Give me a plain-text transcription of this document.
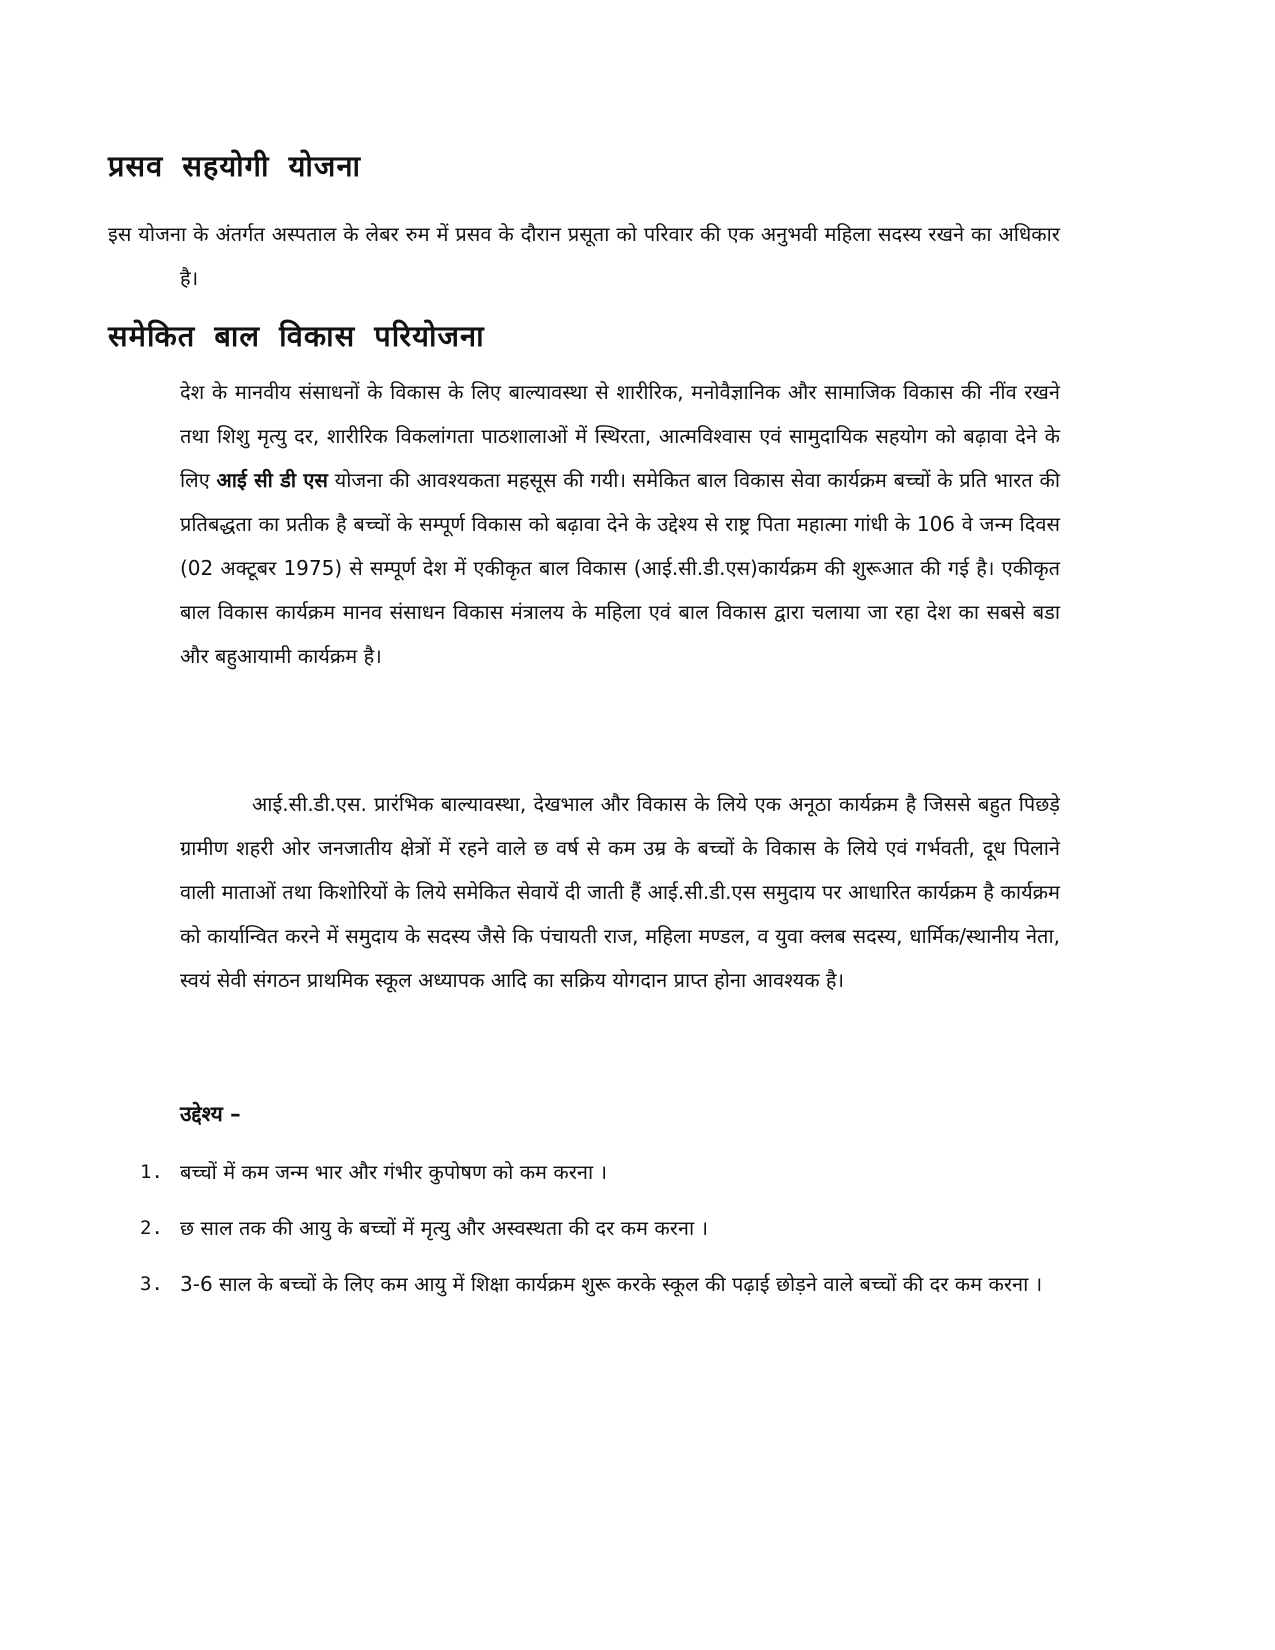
प्रसव सहयोगी योजना

इस योजना के अंतर्गत अस्पताल के लेबर रुम में प्रसव के दौरान प्रसूता को परिवार की एक अनुभवी महिला सदस्य रखने का अधिकार है।

समेकित बाल विकास परियोजना

देश के मानवीय संसाधनों के विकास के लिए बाल्यावस्था से शारीरिक, मनोवैज्ञानिक और सामाजिक विकास की नींव रखने तथा शिशु मृत्यु दर, शारीरिक विकलांगता पाठशालाओं में स्थिरता, आत्मविश्वास एवं सामुदायिक सहयोग को बढ़ावा देने के लिए आई सी डी एस योजना की आवश्यकता महसूस की गयी। समेकित बाल विकास सेवा कार्यक्रम बच्चों के प्रति भारत की प्रतिबद्धता का प्रतीक है बच्चों के सम्पूर्ण विकास को बढ़ावा देने के उद्देश्य से राष्ट्र पिता महात्मा गांधी के 106 वे जन्म दिवस (02 अक्टूबर 1975) से सम्पूर्ण देश में एकीकृत बाल विकास (आई.सी.डी.एस)कार्यक्रम की शुरूआत की गई है। एकीकृत बाल विकास कार्यक्रम मानव संसाधन विकास मंत्रालय के महिला एवं बाल विकास द्वारा चलाया जा रहा देश का सबसे बडा और बहुआयामी कार्यक्रम है।

आई.सी.डी.एस. प्रारंभिक बाल्यावस्था, देखभाल और विकास के लिये एक अनूठा कार्यक्रम है जिससे बहुत पिछड़े ग्रामीण शहरी ओर जनजातीय क्षेत्रों में रहने वाले छ वर्ष से कम उम्र के बच्चों के विकास के लिये एवं गर्भवती, दूध पिलाने वाली माताओं तथा किशोरियों के लिये समेकित सेवायें दी जाती हैं आई.सी.डी.एस समुदाय पर आधारित कार्यक्रम है कार्यक्रम को कार्यान्वित करने में समुदाय के सदस्य जैसे कि पंचायती राज, महिला मण्डल, व युवा क्लब सदस्य, धार्मिक/स्थानीय नेता, स्वयं सेवी संगठन प्राथमिक स्कूल अध्यापक आदि का सक्रिय योगदान प्राप्त होना आवश्यक है।

उद्देश्य –
1. बच्चों में कम जन्म भार और गंभीर कुपोषण को कम करना ।
2. छ साल तक की आयु के बच्चों में मृत्यु और अस्वस्थता की दर कम करना ।
3. 3-6 साल के बच्चों के लिए कम आयु में शिक्षा कार्यक्रम शुरू करके स्कूल की पढ़ाई छोड़ने वाले बच्चों की दर कम करना ।
